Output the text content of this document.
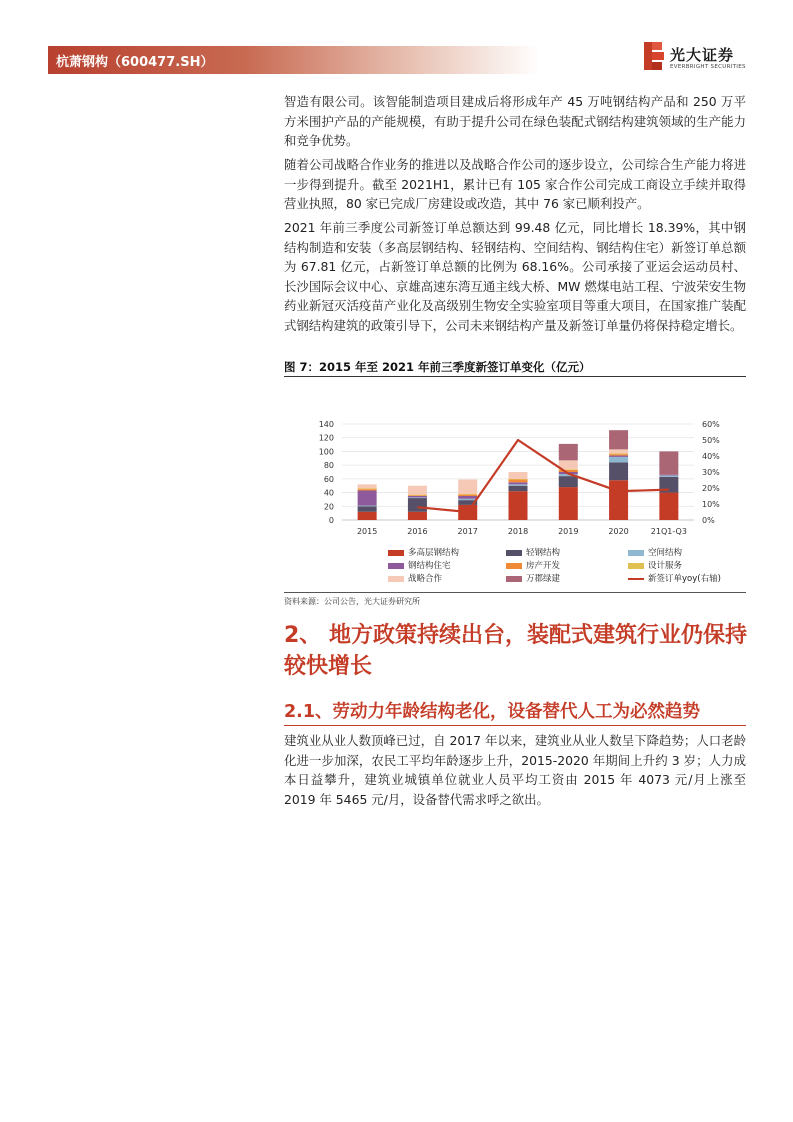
杭萧钢构（600477.SH）	光大证券
EVERBRIGHT SECURITIES

智造有限公司。该智能制造项目建成后将形成年产 45 万吨钢结构产品和 250 万平方米围护产品的产能规模，有助于提升公司在绿色装配式钢结构建筑领域的生产能力和竞争优势。

随着公司战略合作业务的推进以及战略合作公司的逐步设立，公司综合生产能力将进一步得到提升。截至 2021H1，累计已有 105 家合作公司完成工商设立手续并取得营业执照，80 家已完成厂房建设或改造，其中 76 家已顺利投产。

2021 年前三季度公司新签订单总额达到 99.48 亿元，同比增长 18.39%，其中钢结构制造和安装（多高层钢结构、轻钢结构、空间结构、钢结构住宅）新签订单总额为 67.81 亿元，占新签订单总额的比例为 68.16%。公司承接了亚运会运动员村、长沙国际会议中心、京雄高速东湾互通主线大桥、MW 燃煤电站工程、宁波荣安生物药业新冠灭活疫苗产业化及高级别生物安全实验室项目等重大项目，在国家推广装配式钢结构建筑的政策引导下，公司未来钢结构产量及新签订单量仍将保持稳定增长。

图 7：2015 年至 2021 年前三季度新签订单变化（亿元）
0
20
40
60
80
100
120
140
0%
10%
20%
30%
40%
50%
60%
2015	2016	2017	2018	2019	2020	21Q1-Q3
多高层钢结构	轻钢结构	空间结构
钢结构住宅	房产开发	设计服务
战略合作	万郡绿建	新签订单yoy(右轴)
资料来源：公司公告，光大证券研究所
2、 地方政策持续出台，装配式建筑行业仍保持较快增长
2.1、劳动力年龄结构老化，设备替代人工为必然趋势

建筑业从业人数顶峰已过，自 2017 年以来，建筑业从业人数呈下降趋势；人口老龄化进一步加深，农民工平均年龄逐步上升，2015-2020 年期间上升约 3 岁；人力成本日益攀升，建筑业城镇单位就业人员平均工资由 2015 年 4073 元/月上涨至 2019 年 5465 元/月，设备替代需求呼之欲出。
